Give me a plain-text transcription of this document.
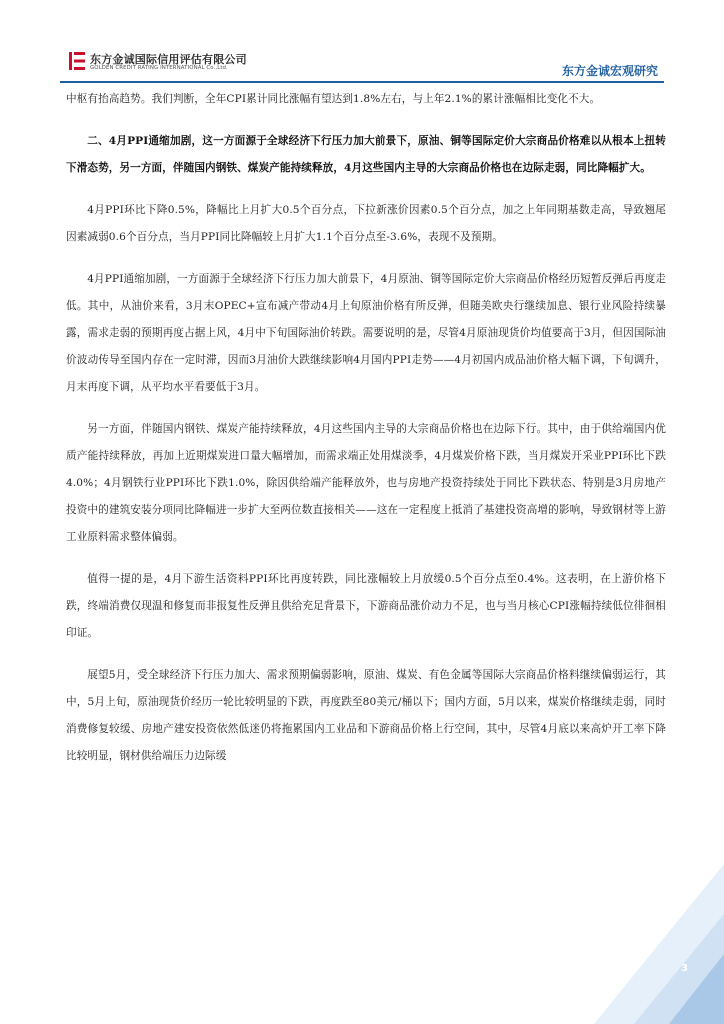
东方金诚国际信用评估有限公司
GOLDEN CREDIT RATING INTERNATIONAL Co.,Ltd.	东方金诚宏观研究

中枢有抬高趋势。我们判断，全年CPI累计同比涨幅有望达到1.8%左右，与上年2.1%的累计涨幅相比变化不大。

二、4月PPI通缩加剧，这一方面源于全球经济下行压力加大前景下，原油、铜等国际定价大宗商品价格难以从根本上扭转下滑态势，另一方面，伴随国内钢铁、煤炭产能持续释放，4月这些国内主导的大宗商品价格也在边际走弱，同比降幅扩大。

4月PPI环比下降0.5%，降幅比上月扩大0.5个百分点，下拉新涨价因素0.5个百分点，加之上年同期基数走高，导致翘尾因素减弱0.6个百分点，当月PPI同比降幅较上月扩大1.1个百分点至-3.6%，表现不及预期。

4月PPI通缩加剧，一方面源于全球经济下行压力加大前景下，4月原油、铜等国际定价大宗商品价格经历短暂反弹后再度走低。其中，从油价来看，3月末OPEC+宣布减产带动4月上旬原油价格有所反弹，但随美欧央行继续加息、银行业风险持续暴露，需求走弱的预期再度占据上风，4月中下旬国际油价转跌。需要说明的是，尽管4月原油现货价均值要高于3月，但因国际油价波动传导至国内存在一定时滞，因而3月油价大跌继续影响4月国内PPI走势——4月初国内成品油价格大幅下调，下旬调升，月末再度下调，从平均水平看要低于3月。

另一方面，伴随国内钢铁、煤炭产能持续释放，4月这些国内主导的大宗商品价格也在边际下行。其中，由于供给端国内优质产能持续释放，再加上近期煤炭进口量大幅增加，而需求端正处用煤淡季，4月煤炭价格下跌，当月煤炭开采业PPI环比下跌4.0%；4月钢铁行业PPI环比下跌1.0%，除因供给端产能释放外，也与房地产投资持续处于同比下跌状态、特别是3月房地产投资中的建筑安装分项同比降幅进一步扩大至两位数直接相关——这在一定程度上抵消了基建投资高增的影响，导致钢材等上游工业原料需求整体偏弱。

值得一提的是，4月下游生活资料PPI环比再度转跌，同比涨幅较上月放缓0.5个百分点至0.4%。这表明，在上游价格下跌，终端消费仅现温和修复而非报复性反弹且供给充足背景下，下游商品涨价动力不足，也与当月核心CPI涨幅持续低位徘徊相印证。

展望5月，受全球经济下行压力加大、需求预期偏弱影响，原油、煤炭、有色金属等国际大宗商品价格料继续偏弱运行，其中，5月上旬，原油现货价经历一轮比较明显的下跌，再度跌至80美元/桶以下；国内方面，5月以来，煤炭价格继续走弱，同时消费修复较缓、房地产建安投资依然低迷仍将拖累国内工业品和下游商品价格上行空间，其中，尽管4月底以来高炉开工率下降比较明显，钢材供给端压力边际缓

3
